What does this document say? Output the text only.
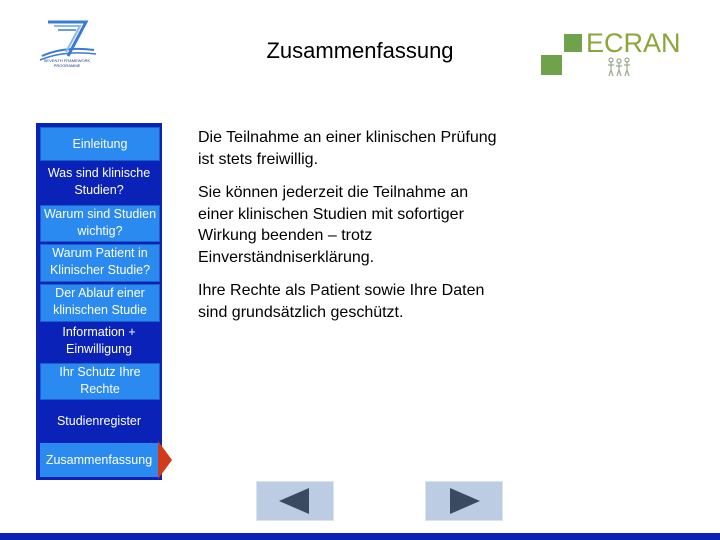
SEVENTH FRAMEWORK PROGRAMME
Zusammenfassung	ECRAN
Einleitung
Was sind klinische Studien?
Warum sind Studien wichtig?
Warum Patient in Klinischer Studie?
Der Ablauf einer klinischen Studie
Information + Einwilligung
Ihr Schutz Ihre Rechte
Studienregister
Zusammenfassung

Die Teilnahme an einer klinischen Prüfung ist stets freiwillig.

Sie können jederzeit die Teilnahme an einer klinischen Studien mit sofortiger Wirkung beenden – trotz Einverständniserklärung.

Ihre Rechte als Patient sowie Ihre Daten sind grundsätzlich geschützt.
